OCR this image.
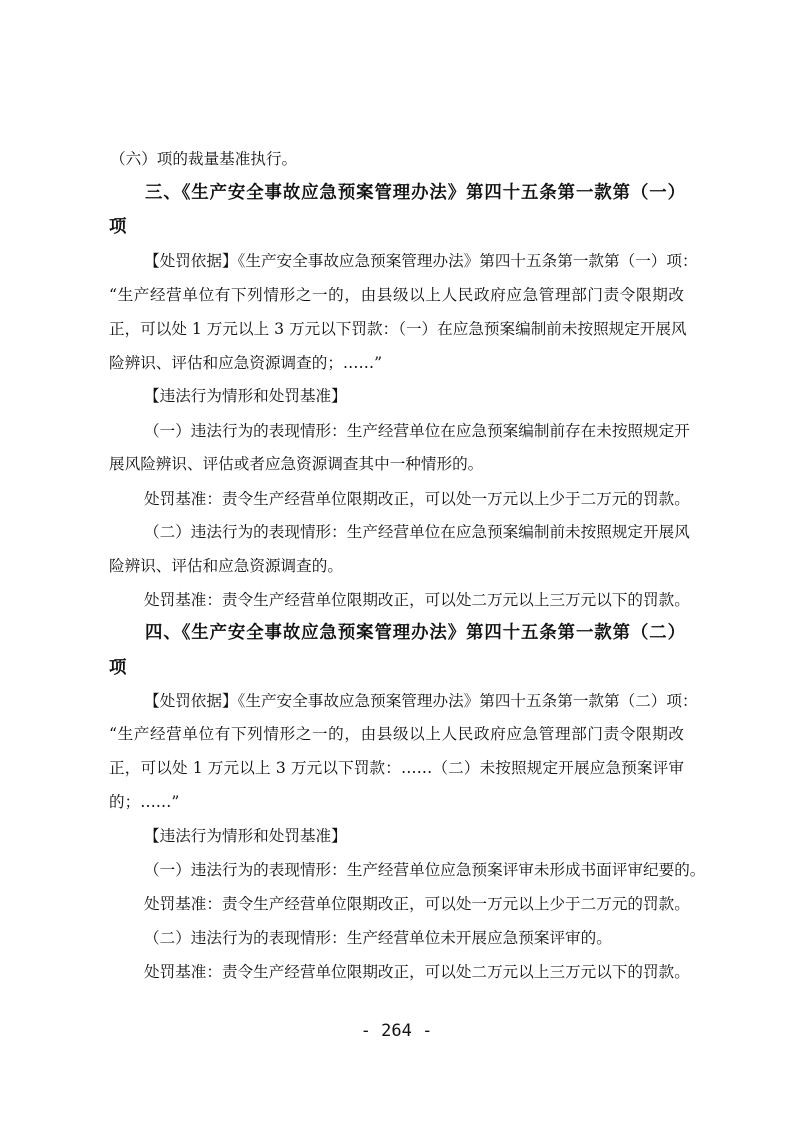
（六）项的裁量基准执行。
三、《生产安全事故应急预案管理办法》第四十五条第一款第（一）
项
【处罚依据】《生产安全事故应急预案管理办法》第四十五条第一款第（一）项：
“生产经营单位有下列情形之一的，由县级以上人民政府应急管理部门责令限期改
正，可以处 1 万元以上 3 万元以下罚款：（一）在应急预案编制前未按照规定开展风
险辨识、评估和应急资源调查的；……”
【违法行为情形和处罚基准】
（一）违法行为的表现情形：生产经营单位在应急预案编制前存在未按照规定开
展风险辨识、评估或者应急资源调查其中一种情形的。
处罚基准：责令生产经营单位限期改正，可以处一万元以上少于二万元的罚款。
（二）违法行为的表现情形：生产经营单位在应急预案编制前未按照规定开展风
险辨识、评估和应急资源调查的。
处罚基准：责令生产经营单位限期改正，可以处二万元以上三万元以下的罚款。
四、《生产安全事故应急预案管理办法》第四十五条第一款第（二）
项
【处罚依据】《生产安全事故应急预案管理办法》第四十五条第一款第（二）项：
“生产经营单位有下列情形之一的，由县级以上人民政府应急管理部门责令限期改
正，可以处 1 万元以上 3 万元以下罚款：……（二）未按照规定开展应急预案评审
的；……”
【违法行为情形和处罚基准】
（一）违法行为的表现情形：生产经营单位应急预案评审未形成书面评审纪要的。
处罚基准：责令生产经营单位限期改正，可以处一万元以上少于二万元的罚款。
（二）违法行为的表现情形：生产经营单位未开展应急预案评审的。
处罚基准：责令生产经营单位限期改正，可以处二万元以上三万元以下的罚款。
- 264 -
